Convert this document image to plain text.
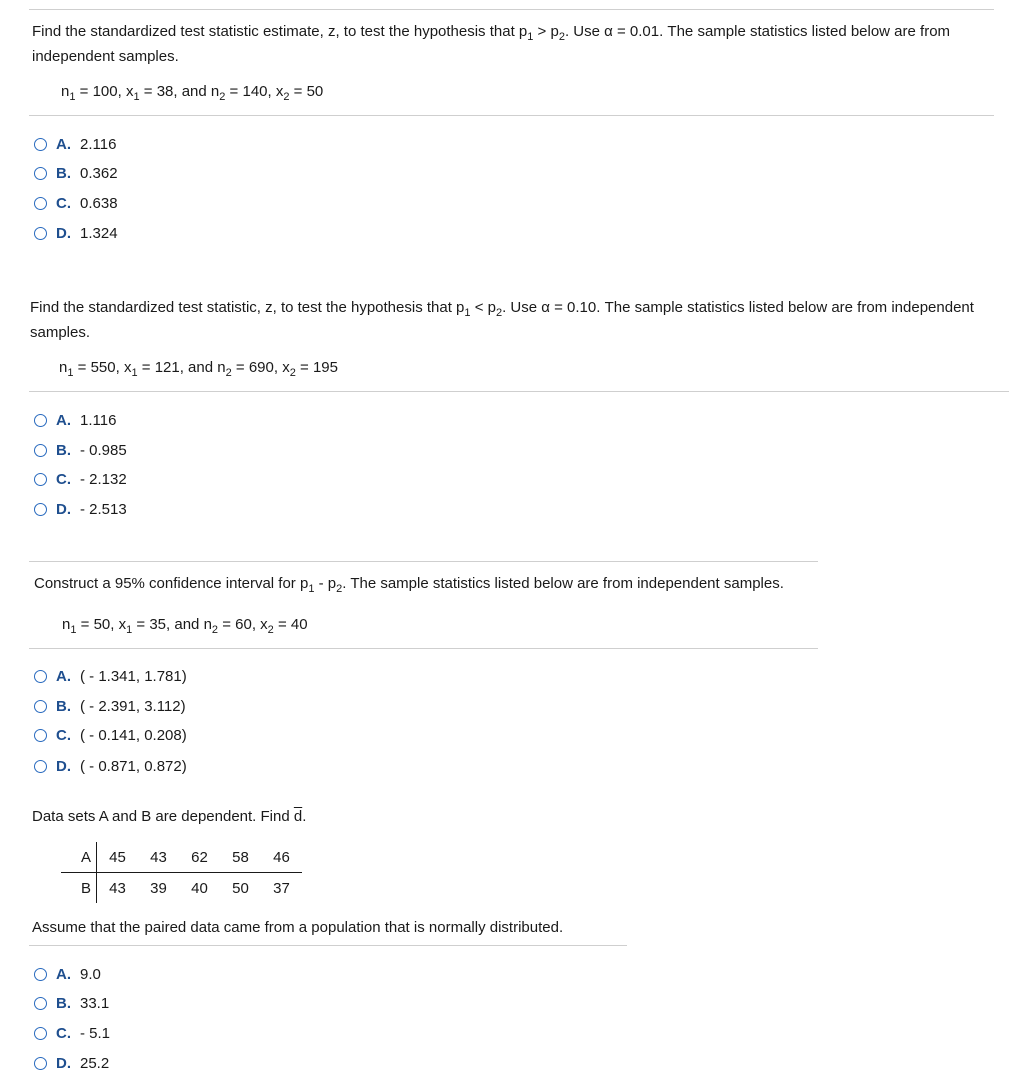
Find the standardized test statistic estimate, z, to test the hypothesis that $p_1 > p_2$. Use α = 0.01. The sample statistics listed below are from
independent samples.
$n_1 = 100$, $x_1 = 38$, and $n_2 = 140$, $x_2 = 50$
A. 2.116
B. 0.362
C. 0.638
D. 1.324
Find the standardized test statistic, z, to test the hypothesis that $p_1 < p_2$. Use α = 0.10. The sample statistics listed below are from independent
samples.
$n_1 = 550$, $x_1 = 121$, and $n_2 = 690$, $x_2 = 195$
A. 1.116
B. - 0.985
C. - 2.132
D. - 2.513
Construct a 95% confidence interval for $p_1 - p_2$. The sample statistics listed below are from independent samples.
$n_1 = 50$, $x_1 = 35$, and $n_2 = 60$, $x_2 = 40$
A. ( - 1.341, 1.781)
B. ( - 2.391, 3.112)
C. ( - 0.141, 0.208)
D. ( - 0.871, 0.872)
Data sets A and B are dependent. Find $\overline{d}$.
A	45	43	62	58	46
B	43	39	40	50	37
Assume that the paired data came from a population that is normally distributed.
A. 9.0
B. 33.1
C. - 5.1
D. 25.2
